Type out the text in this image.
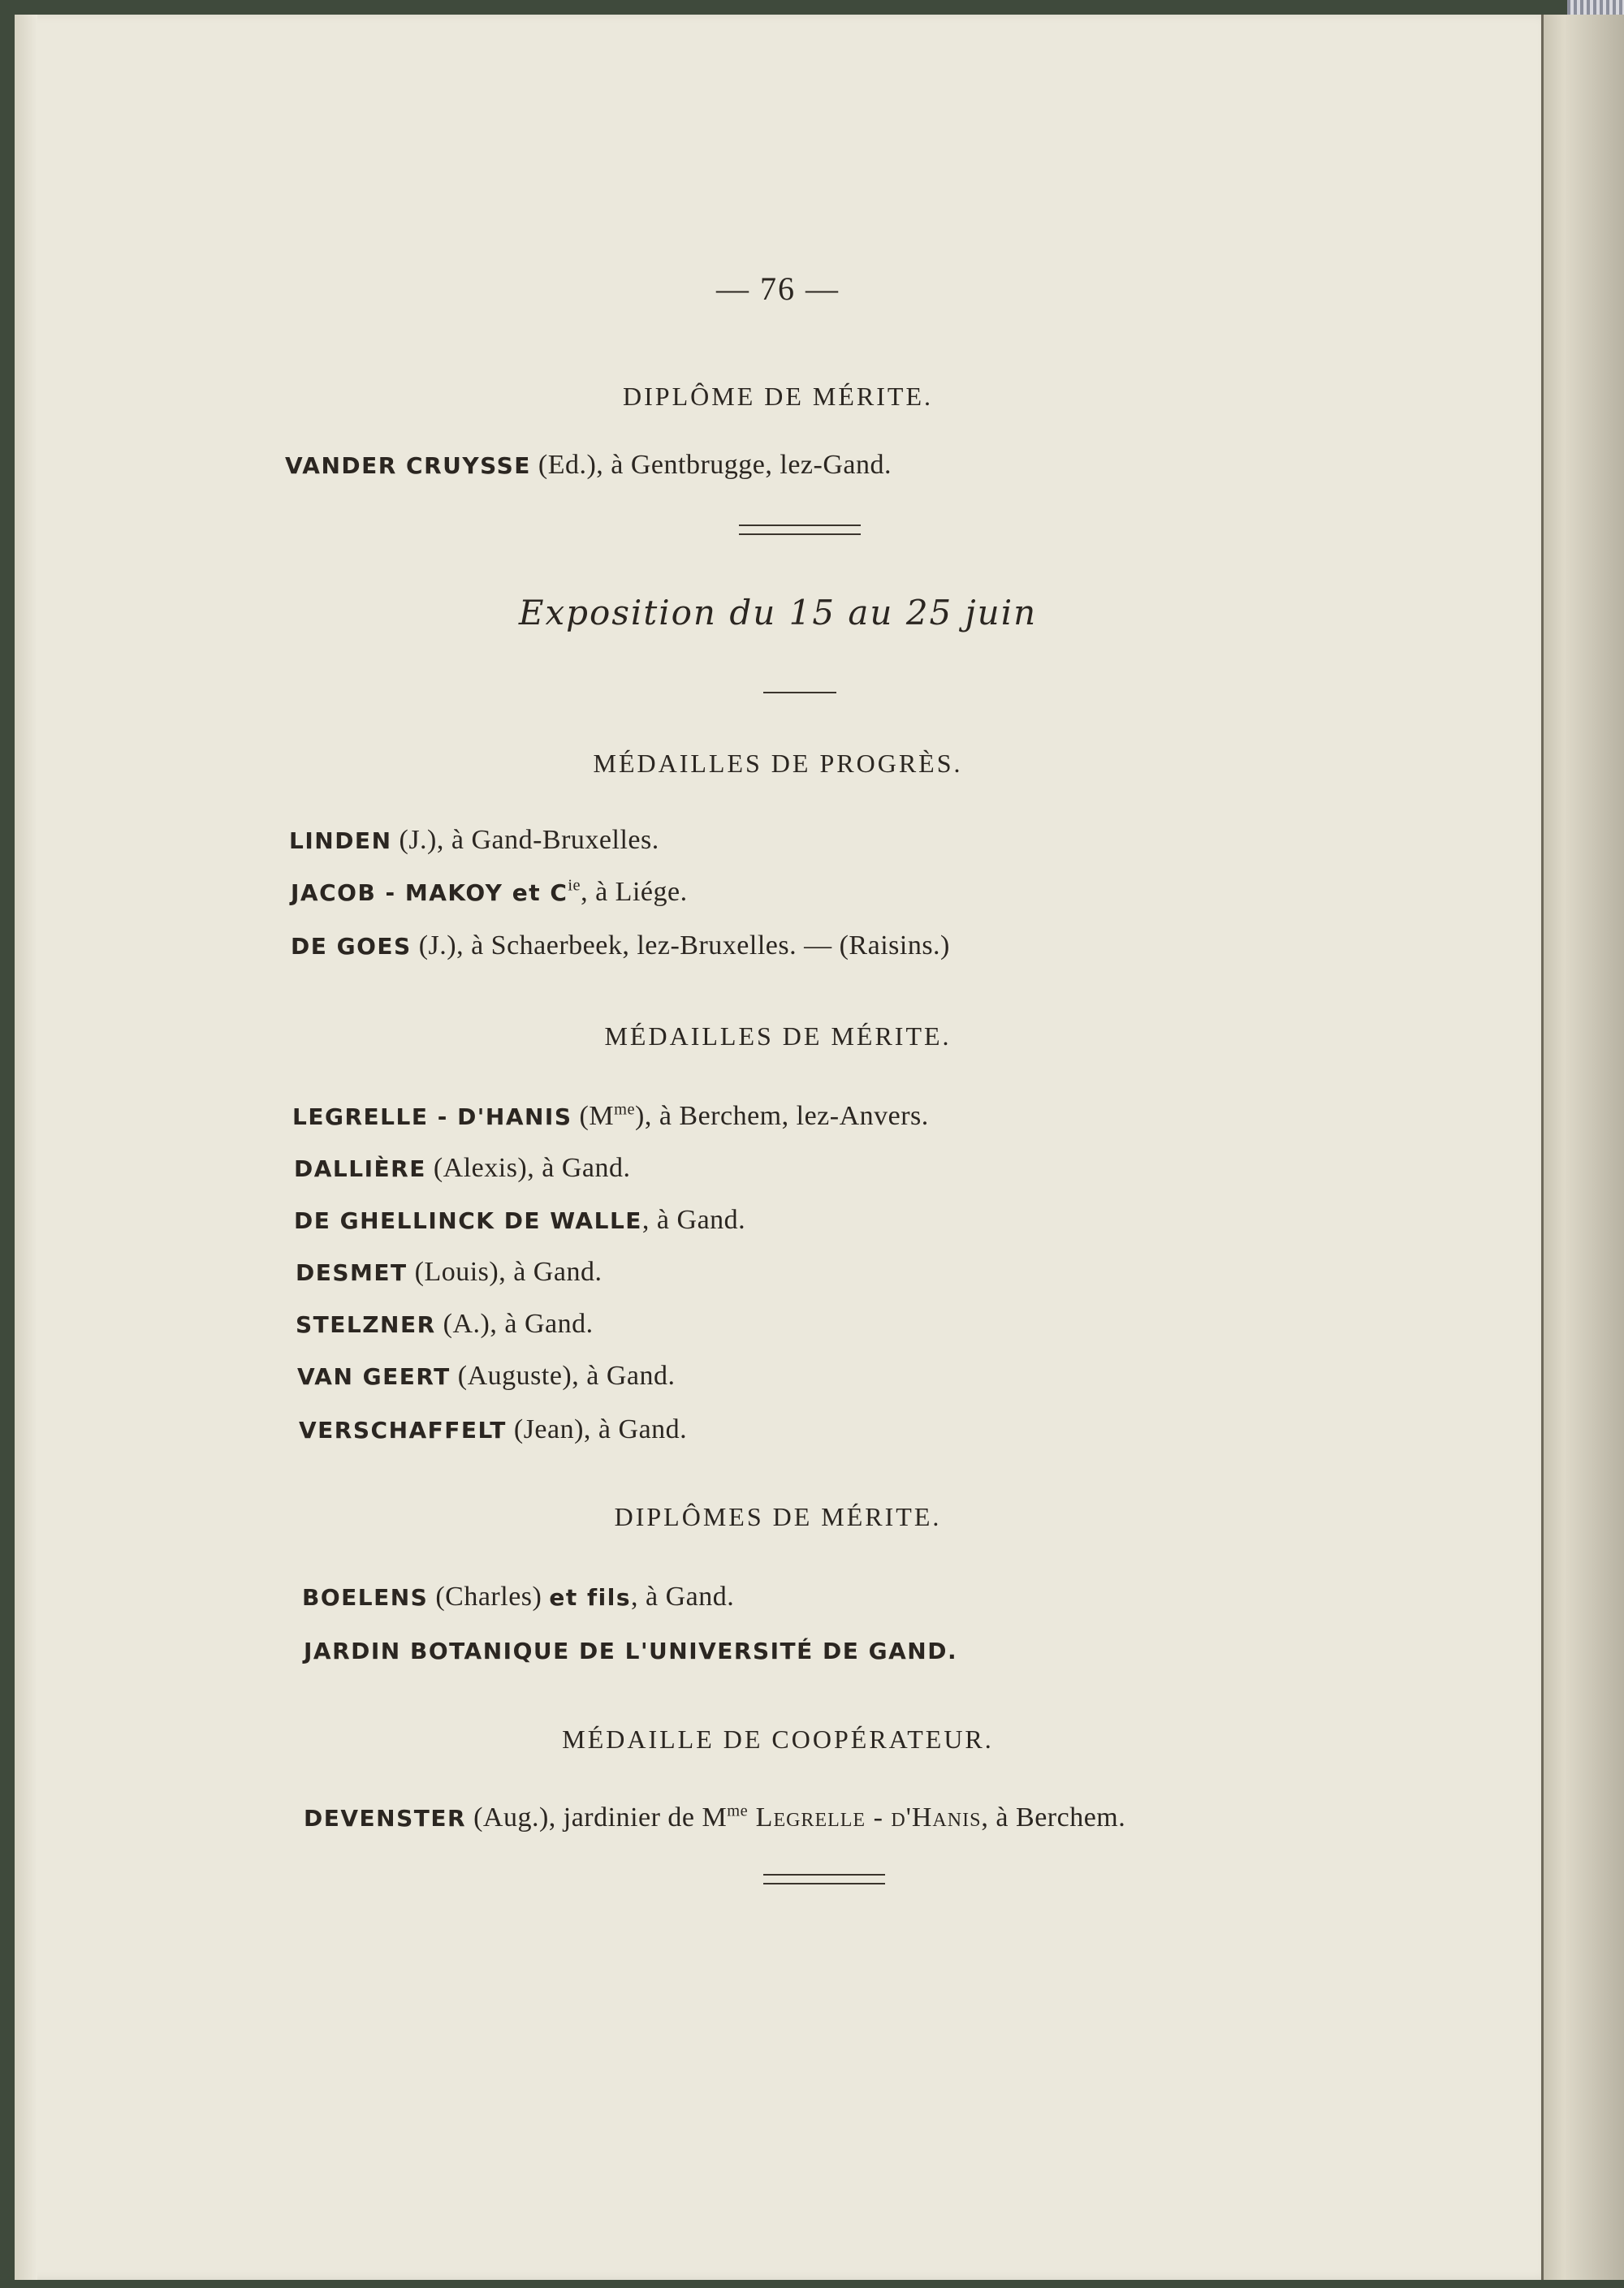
— 76 —
DIPLÔME DE MÉRITE.
VANDER CRUYSSE (Ed.), à Gentbrugge, lez-Gand.
Exposition du 15 au 25 juin
MÉDAILLES DE PROGRÈS.
LINDEN (J.), à Gand-Bruxelles.
JACOB - MAKOY et $C^{ie}$, à Liége.
DE GOES (J.), à Schaerbeek, lez-Bruxelles. — (Raisins.)
MÉDAILLES DE MÉRITE.
LEGRELLE - D'HANIS $(M^{me})$, à Berchem, lez-Anvers.
DALLIÈRE (Alexis), à Gand.
DE GHELLINCK DE WALLE, à Gand.
DESMET (Louis), à Gand.
STELZNER (A.), à Gand.
VAN GEERT (Auguste), à Gand.
VERSCHAFFELT (Jean), à Gand.
DIPLÔMES DE MÉRITE.
BOELENS (Charles) et fils, à Gand.
JARDIN BOTANIQUE DE L'UNIVERSITÉ DE GAND.
MÉDAILLE DE COOPÉRATEUR.
DEVENSTER (Aug.), jardinier de $M^{me}$ Legrelle - d'Hanis, à Berchem.
